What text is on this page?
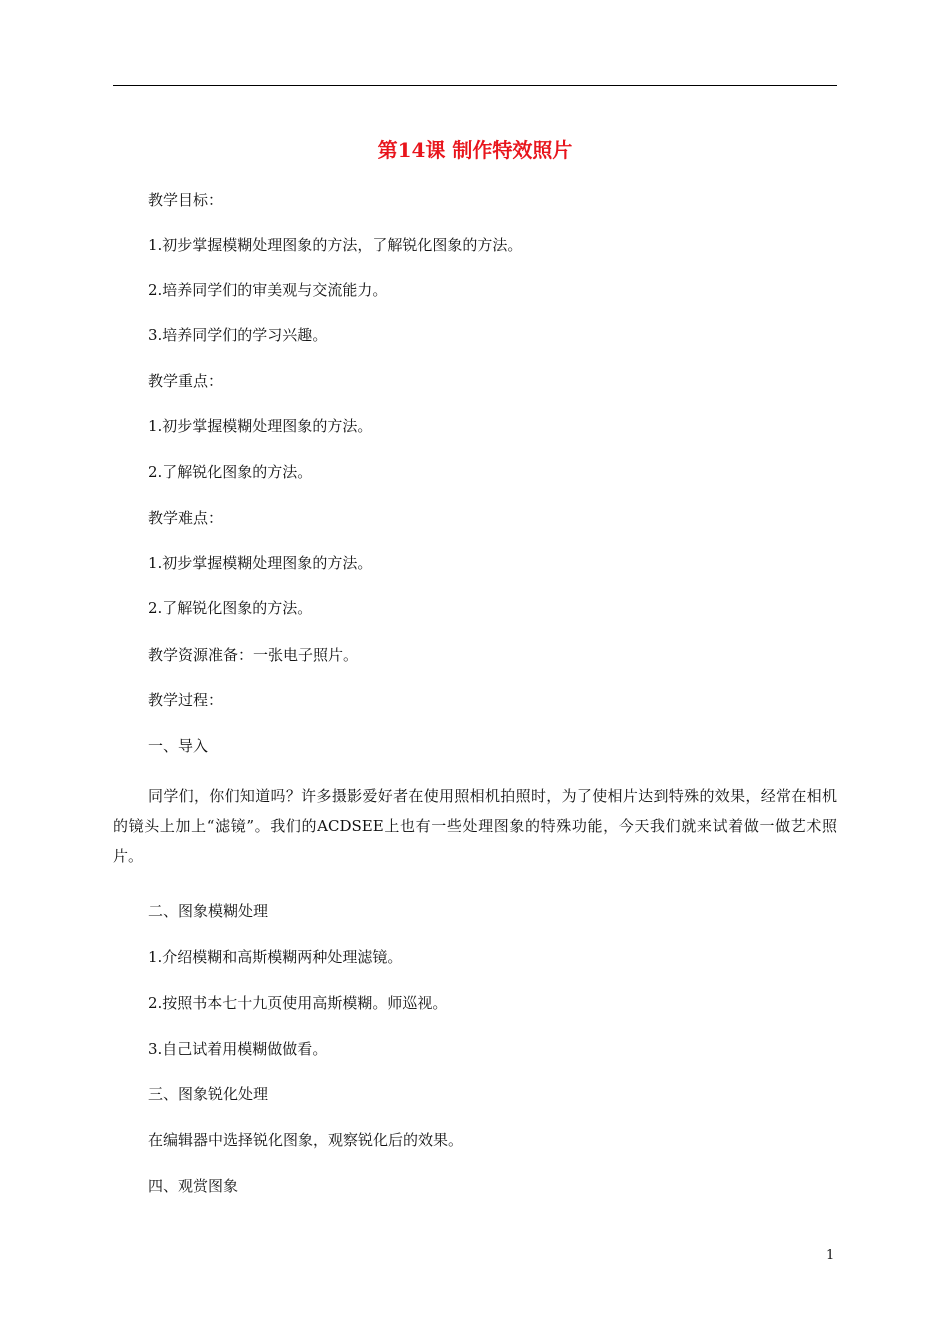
第14课 制作特效照片
教学目标：
1.初步掌握模糊处理图象的方法，了解锐化图象的方法。
2.培养同学们的审美观与交流能力。
3.培养同学们的学习兴趣。
教学重点：
1.初步掌握模糊处理图象的方法。
2.了解锐化图象的方法。
教学难点：
1.初步掌握模糊处理图象的方法。
2.了解锐化图象的方法。
教学资源准备：一张电子照片。
教学过程：
一、导入
同学们，你们知道吗？许多摄影爱好者在使用照相机拍照时，为了使相片达到特殊的效果，经常在相机的镜头上加上“滤镜”。我们的ACDSEE上也有一些处理图象的特殊功能，今天我们就来试着做一做艺术照片。
二、图象模糊处理
1.介绍模糊和高斯模糊两种处理滤镜。
2.按照书本七十九页使用高斯模糊。师巡视。
3.自己试着用模糊做做看。
三、图象锐化处理
在编辑器中选择锐化图象，观察锐化后的效果。
四、观赏图象
1
